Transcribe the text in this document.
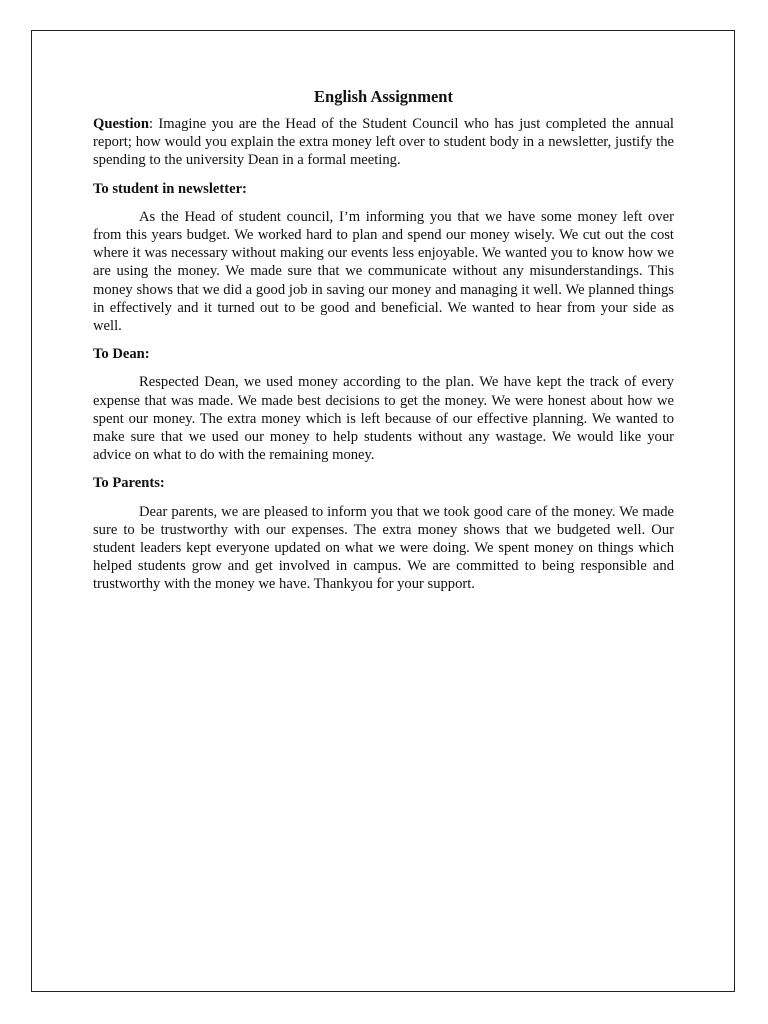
English Assignment

Question: Imagine you are the Head of the Student Council who has just completed the annual report; how would you explain the extra money left over to student body in a newsletter, justify the spending to the university Dean in a formal meeting.

To student in newsletter:

As the Head of student council, I’m informing you that we have some money left over from this years budget. We worked hard to plan and spend our money wisely. We cut out the cost where it was necessary without making our events less enjoyable. We wanted you to know how we are using the money. We made sure that we communicate without any misunderstandings. This money shows that we did a good job in saving our money and managing it well. We planned things in effectively and it turned out to be good and beneficial. We wanted to hear from your side as well.

To Dean:

Respected Dean, we used money according to the plan. We have kept the track of every expense that was made. We made best decisions to get the money. We were honest about how we spent our money. The extra money which is left because of our effective planning. We wanted to make sure that we used our money to help students without any wastage. We would like your advice on what to do with the remaining money.

To Parents:

Dear parents, we are pleased to inform you that we took good care of the money. We made sure to be trustworthy with our expenses. The extra money shows that we budgeted well. Our student leaders kept everyone updated on what we were doing. We spent money on things which helped students grow and get involved in campus. We are committed to being responsible and trustworthy with the money we have. Thankyou for your support.
